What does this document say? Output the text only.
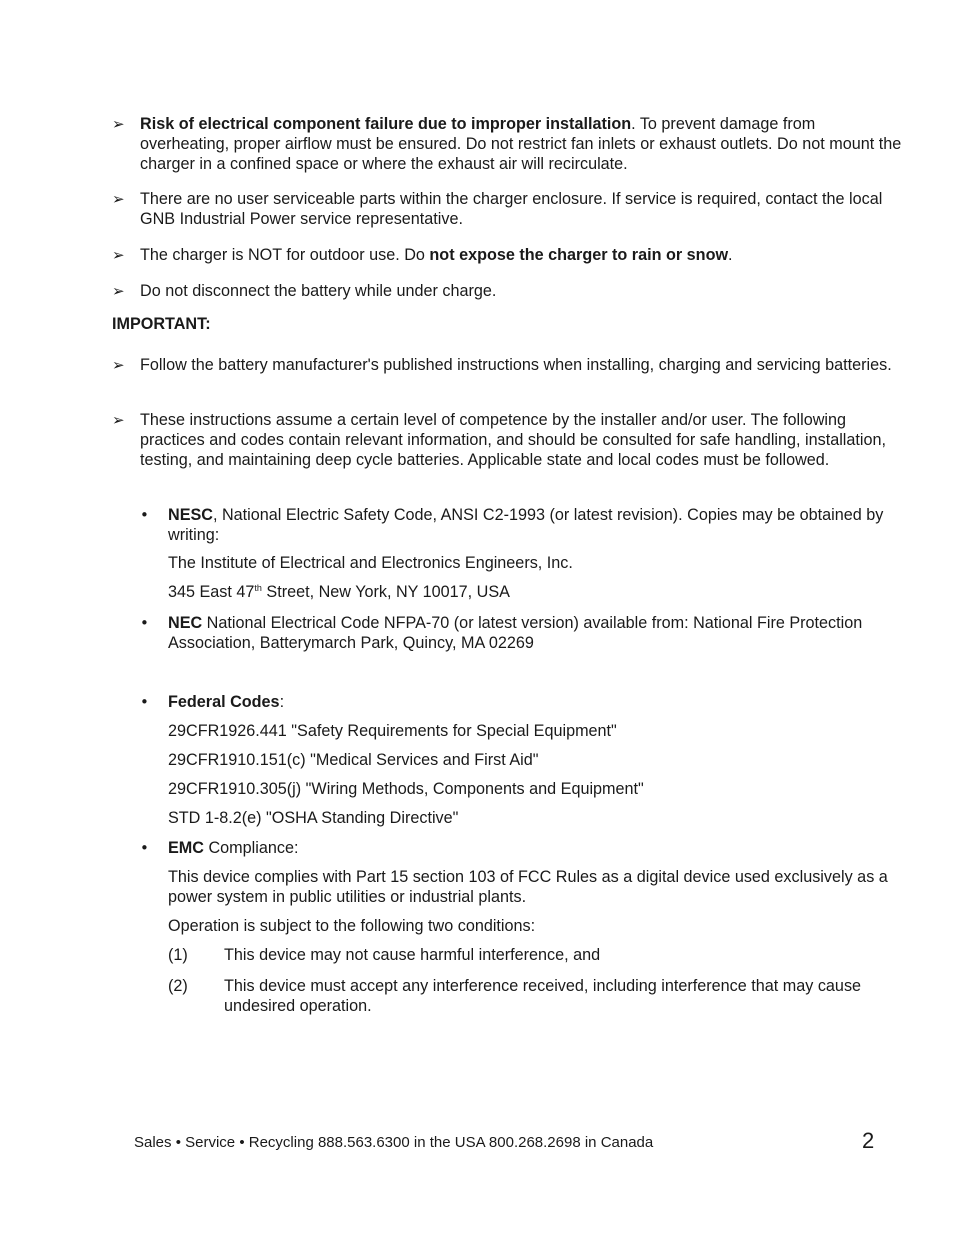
➢ Risk of electrical component failure due to improper installation. To prevent damage from overheating, proper airflow must be ensured. Do not restrict fan inlets or exhaust outlets. Do not mount the charger in a confined space or where the exhaust air will recirculate.
➢ There are no user serviceable parts within the charger enclosure. If service is required, contact the local GNB Industrial Power service representative.
➢ The charger is NOT for outdoor use. Do not expose the charger to rain or snow.
➢ Do not disconnect the battery while under charge.
IMPORTANT:
➢ Follow the battery manufacturer's published instructions when installing, charging and servicing batteries.
➢ These instructions assume a certain level of competence by the installer and/or user. The following practices and codes contain relevant information, and should be consulted for safe handling, installation, testing, and maintaining deep cycle batteries. Applicable state and local codes must be followed.
• NESC, National Electric Safety Code, ANSI C2-1993 (or latest revision). Copies may be obtained by writing:
The Institute of Electrical and Electronics Engineers, Inc.
345 East 47th Street, New York, NY 10017, USA
• NEC National Electrical Code NFPA-70 (or latest version) available from: National Fire Protection Association, Batterymarch Park, Quincy, MA 02269
• Federal Codes:
29CFR1926.441 "Safety Requirements for Special Equipment"
29CFR1910.151(c) "Medical Services and First Aid"
29CFR1910.305(j) "Wiring Methods, Components and Equipment"
STD 1-8.2(e) "OSHA Standing Directive"
• EMC Compliance:
This device complies with Part 15 section 103 of FCC Rules as a digital device used exclusively as a power system in public utilities or industrial plants.
Operation is subject to the following two conditions:
(1) This device may not cause harmful interference, and
(2) This device must accept any interference received, including interference that may cause undesired operation.
Sales • Service • Recycling 888.563.6300 in the USA 800.268.2698 in Canada	2
